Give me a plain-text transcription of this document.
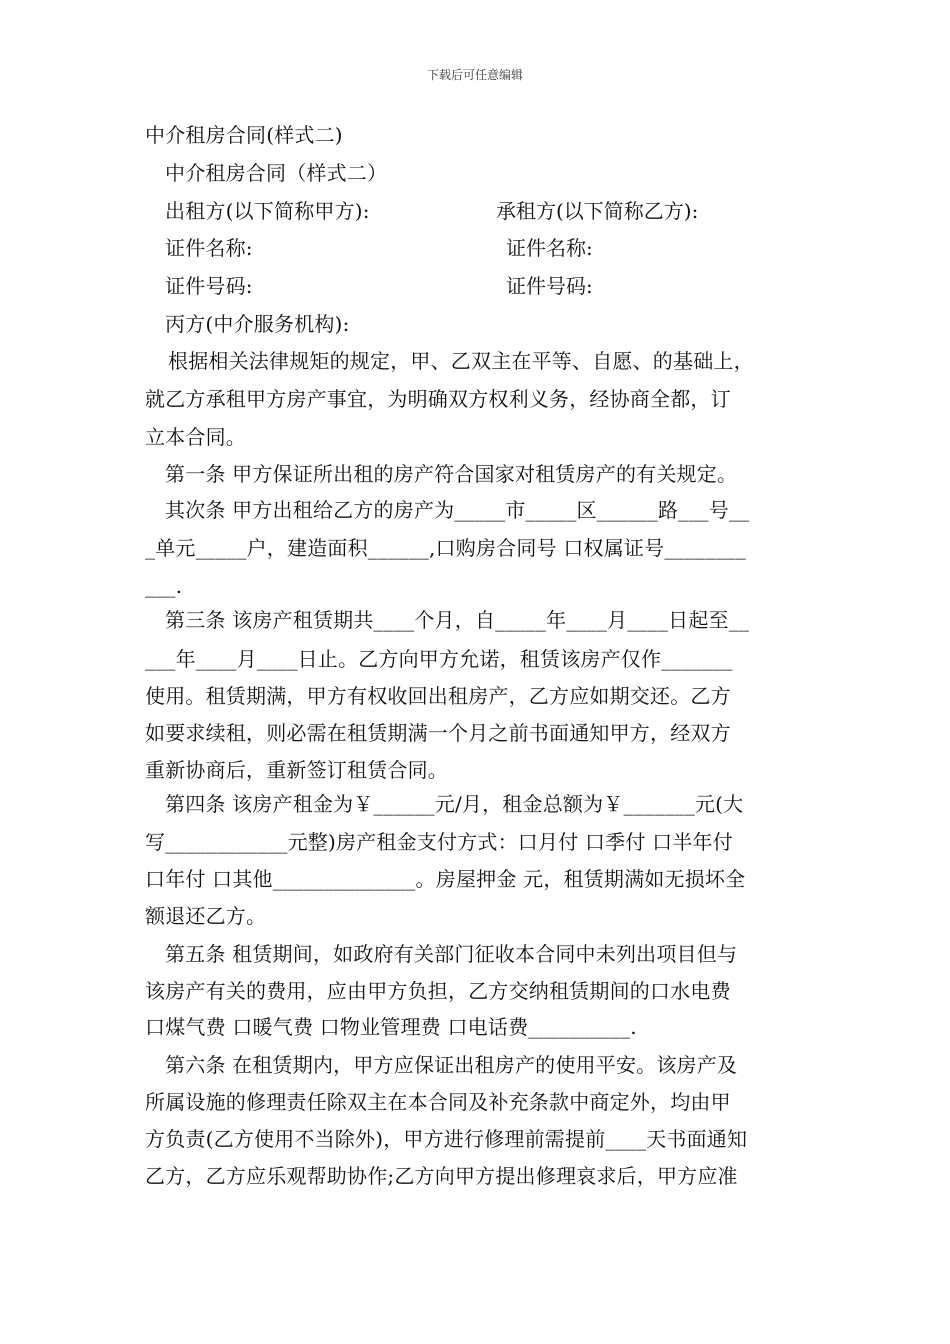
下载后可任意编辑
中介租房合同(样式二)
中介租房合同（样式二）
出租方(以下简称甲方):	承租方(以下简称乙方):
证件名称:	证件名称:
证件号码:	证件号码:
丙方(中介服务机构):
根据相关法律规矩的规定，甲、乙双主在平等、自愿、的基础上，
就乙方承租甲方房产事宜，为明确双方权利义务，经协商全都，订
立本合同。
第一条 甲方保证所出租的房产符合国家对租赁房产的有关规定。
其次条 甲方出租给乙方的房产为_____市_____区______路___号__
_单元_____户，建造面积______,口购房合同号 口权属证号________
___.
第三条 该房产租赁期共____个月，自_____年____月____日起至__
___年____月____日止。乙方向甲方允诺，租赁该房产仅作_______
使用。租赁期满，甲方有权收回出租房产，乙方应如期交还。乙方
如要求续租，则必需在租赁期满一个月之前书面通知甲方，经双方
重新协商后，重新签订租赁合同。
第四条 该房产租金为￥______元/月，租金总额为￥_______元(大
写____________元整)房产租金支付方式：口月付 口季付 口半年付
口年付 口其他______________。房屋押金 元，租赁期满如无损坏全
额退还乙方。
第五条 租赁期间，如政府有关部门征收本合同中未列出项目但与
该房产有关的费用，应由甲方负担，乙方交纳租赁期间的口水电费
口煤气费 口暖气费 口物业管理费 口电话费__________.
第六条 在租赁期内，甲方应保证出租房产的使用平安。该房产及
所属设施的修理责任除双主在本合同及补充条款中商定外，均由甲
方负责(乙方使用不当除外)，甲方进行修理前需提前____天书面通知
乙方，乙方应乐观帮助协作;乙方向甲方提出修理哀求后，甲方应准
